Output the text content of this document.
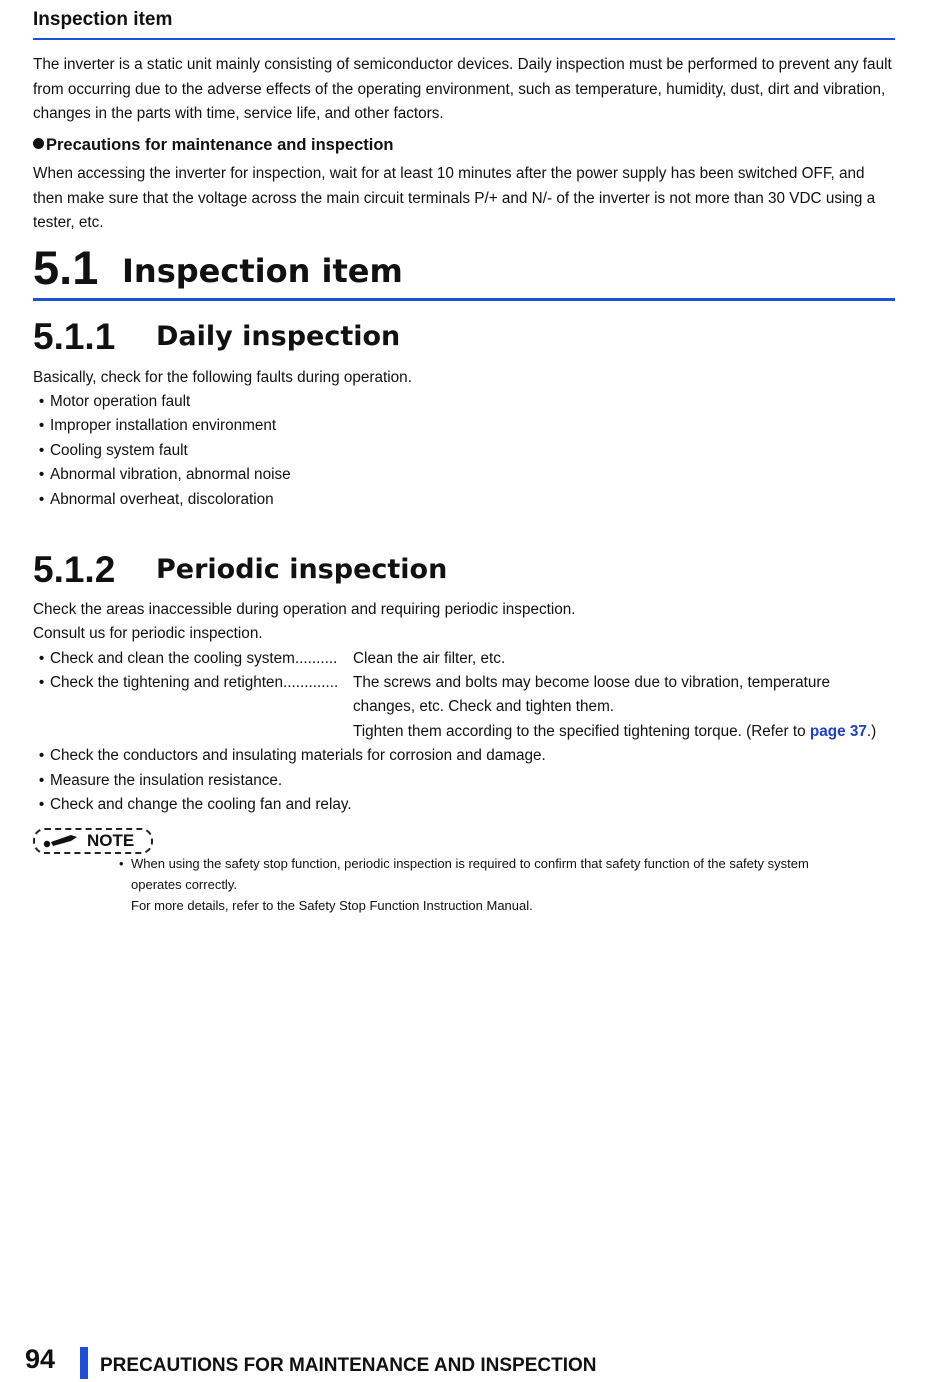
Inspection item
The inverter is a static unit mainly consisting of semiconductor devices. Daily inspection must be performed to prevent any fault from occurring due to the adverse effects of the operating environment, such as temperature, humidity, dust, dirt and vibration, changes in the parts with time, service life, and other factors.
Precautions for maintenance and inspection
When accessing the inverter for inspection, wait for at least 10 minutes after the power supply has been switched OFF, and then make sure that the voltage across the main circuit terminals P/+ and N/- of the inverter is not more than 30 VDC using a tester, etc.
5.1 Inspection item
5.1.1 Daily inspection
Basically, check for the following faults during operation.
• Motor operation fault
• Improper installation environment
• Cooling system fault
• Abnormal vibration, abnormal noise
• Abnormal overheat, discoloration
5.1.2 Periodic inspection
Check the areas inaccessible during operation and requiring periodic inspection.
Consult us for periodic inspection.
• Check and clean the cooling system.......... Clean the air filter, etc.
• Check the tightening and retighten............. The screws and bolts may become loose due to vibration, temperature
changes, etc. Check and tighten them.
Tighten them according to the specified tightening torque. (Refer to page 37.)
• Check the conductors and insulating materials for corrosion and damage.
• Measure the insulation resistance.
• Check and change the cooling fan and relay.
NOTE
• When using the safety stop function, periodic inspection is required to confirm that safety function of the safety system
operates correctly.
For more details, refer to the Safety Stop Function Instruction Manual.
94 PRECAUTIONS FOR MAINTENANCE AND INSPECTION
